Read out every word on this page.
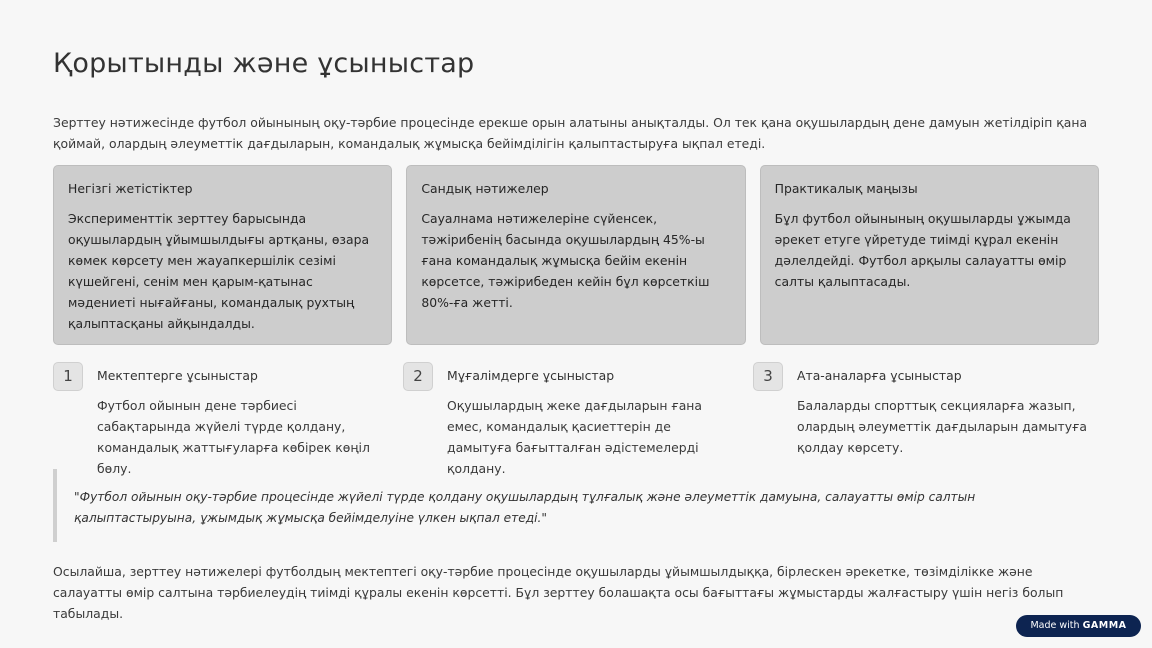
Қорытынды және ұсыныстар

Зерттеу нәтижесінде футбол ойынының оқу-тәрбие процесінде ерекше орын алатыны анықталды. Ол тек қана оқушылардың дене дамуын жетілдіріп қана қоймай, олардың әлеуметтік дағдыларын, командалық жұмысқа бейімділігін қалыптастыруға ықпал етеді.

Негізгі жетістіктер

Эксперименттік зерттеу барысында оқушылардың ұйымшылдығы артқаны, өзара көмек көрсету мен жауапкершілік сезімі күшейгені, сенім мен қарым-қатынас мәдениеті нығайғаны, командалық рухтың қалыптасқаны айқындалды.

Сандық нәтижелер

Сауалнама нәтижелеріне сүйенсек, тәжірибенің басында оқушылардың 45%-ы ғана командалық жұмысқа бейім екенін көрсетсе, тәжірибеден кейін бұл көрсеткіш 80%-ға жетті.

Практикалық маңызы

Бұл футбол ойынының оқушыларды ұжымда әрекет етуге үйретуде тиімді құрал екенін дәлелдейді. Футбол арқылы салауатты өмір салты қалыптасады.

1	Мектептерге ұсыныстар

Футбол ойынын дене тәрбиесі сабақтарында жүйелі түрде қолдану, командалық жаттығуларға көбірек көңіл бөлу.

2	Мұғалімдерге ұсыныстар

Оқушылардың жеке дағдыларын ғана емес, командалық қасиеттерін де дамытуға бағытталған әдістемелерді қолдану.

3	Ата-аналарға ұсыныстар

Балаларды спорттық секцияларға жазып, олардың әлеуметтік дағдыларын дамытуға қолдау көрсету.

"Футбол ойынын оқу-тәрбие процесінде жүйелі түрде қолдану оқушылардың тұлғалық және әлеуметтік дамуына, салауатты өмір салтын қалыптастыруына, ұжымдық жұмысқа бейімделуіне үлкен ықпал етеді."

Осылайша, зерттеу нәтижелері футболдың мектептегі оқу-тәрбие процесінде оқушыларды ұйымшылдыққа, бірлескен әрекетке, төзімділікке және салауатты өмір салтына тәрбиелеудің тиімді құралы екенін көрсетті. Бұл зерттеу болашақта осы бағыттағы жұмыстарды жалғастыру үшін негіз болып табылады.

Made with GAMMA
